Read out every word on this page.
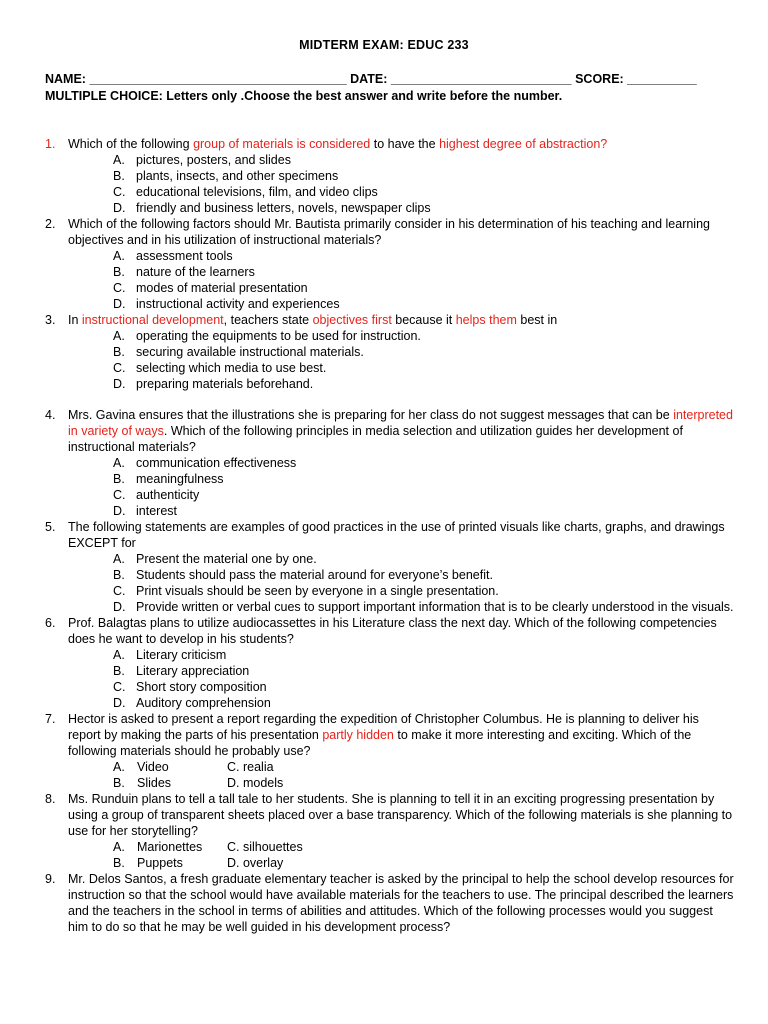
MIDTERM EXAM: EDUC 233
NAME: _____________________________________ DATE: __________________________ SCORE: __________
MULTIPLE CHOICE: Letters only .Choose the best answer and write before the number.
1.	Which of the following group of materials is considered to have the highest degree of abstraction?
A. pictures, posters, and slides
B. plants, insects, and other specimens
C. educational televisions, film, and video clips
D. friendly and business letters, novels, newspaper clips
2.	Which of the following factors should Mr. Bautista primarily consider in his determination of his teaching and learning objectives and in his utilization of instructional materials?
A. assessment tools
B. nature of the learners
C. modes of material presentation
D. instructional activity and experiences
3.	In instructional development, teachers state objectives first because it helps them best in
A. operating the equipments to be used for instruction.
B. securing available instructional materials.
C. selecting which media to use best.
D. preparing materials beforehand.
4.	Mrs. Gavina ensures that the illustrations she is preparing for her class do not suggest messages that can be interpreted in variety of ways. Which of the following principles in media selection and utilization guides her development of instructional materials?
A. communication effectiveness
B. meaningfulness
C. authenticity
D. interest
5.	The following statements are examples of good practices in the use of printed visuals like charts, graphs, and drawings EXCEPT for
A. Present the material one by one.
B. Students should pass the material around for everyone’s benefit.
C. Print visuals should be seen by everyone in a single presentation.
D. Provide written or verbal cues to support important information that is to be clearly understood in the visuals.
6.	Prof. Balagtas plans to utilize audiocassettes in his Literature class the next day. Which of the following competencies does he want to develop in his students?
A. Literary criticism
B. Literary appreciation
C. Short story composition
D. Auditory comprehension
7.	Hector is asked to present a report regarding the expedition of Christopher Columbus. He is planning to deliver his report by making the parts of his presentation partly hidden to make it more interesting and exciting. Which of the following materials should he probably use?
A. Video	C. realia
B. Slides	D. models
8.	Ms. Runduin plans to tell a tall tale to her students. She is planning to tell it in an exciting progressing presentation by using a group of transparent sheets placed over a base transparency. Which of the following materials is she planning to use for her storytelling?
A. Marionettes	C. silhouettes
B. Puppets	D. overlay
9.	Mr. Delos Santos, a fresh graduate elementary teacher is asked by the principal to help the school develop resources for instruction so that the school would have available materials for the teachers to use. The principal described the learners and the teachers in the school in terms of abilities and attitudes. Which of the following processes would you suggest him to do so that he may be well guided in his development process?
